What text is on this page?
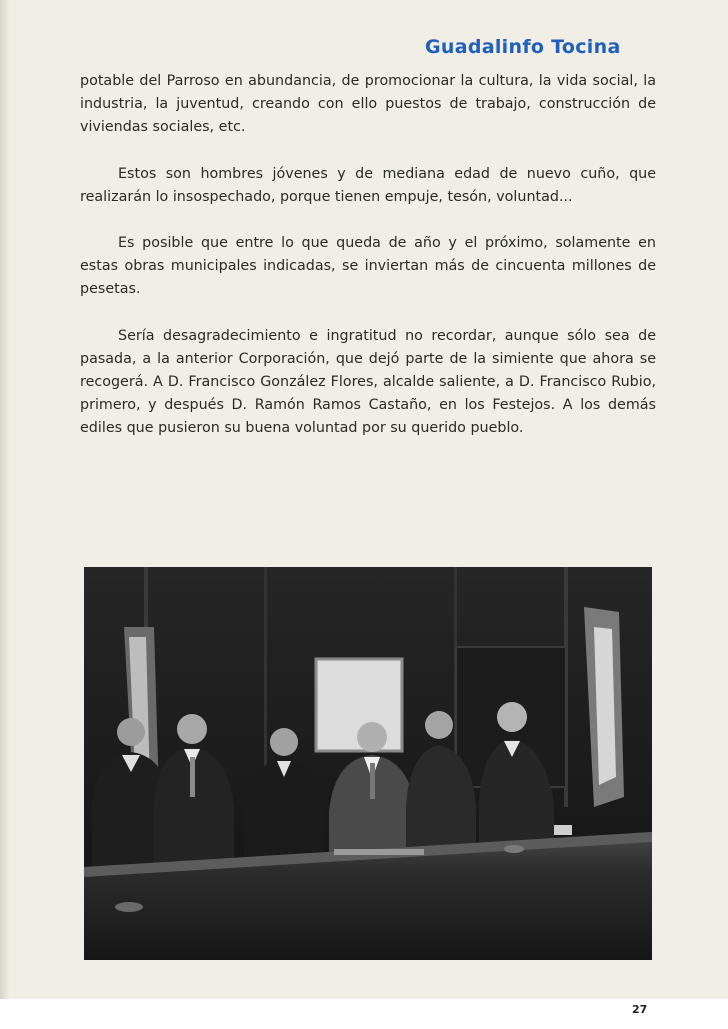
Guadalinfo Tocina

potable del Parroso en abundancia, de promocionar la cultura, la vida social, la industria, la juventud, creando con ello puestos de trabajo, construcción de viviendas sociales, etc.

Estos son hombres jóvenes y de mediana edad de nuevo cuño, que realizarán lo insospechado, porque tienen empuje, tesón, voluntad...

Es posible que entre lo que queda de año y el próximo, solamente en estas obras municipales indicadas, se inviertan más de cincuenta millones de pesetas.

Sería desagradecimiento e ingratitud no recordar, aunque sólo sea de pasada, a la anterior Corporación, que dejó parte de la simiente que ahora se recogerá. A D. Francisco González Flores, alcalde saliente, a D. Francisco Rubio, primero, y después D. Ramón Ramos Castaño, en los Festejos. A los demás ediles que pusieron su buena voluntad por su querido pueblo.

27
